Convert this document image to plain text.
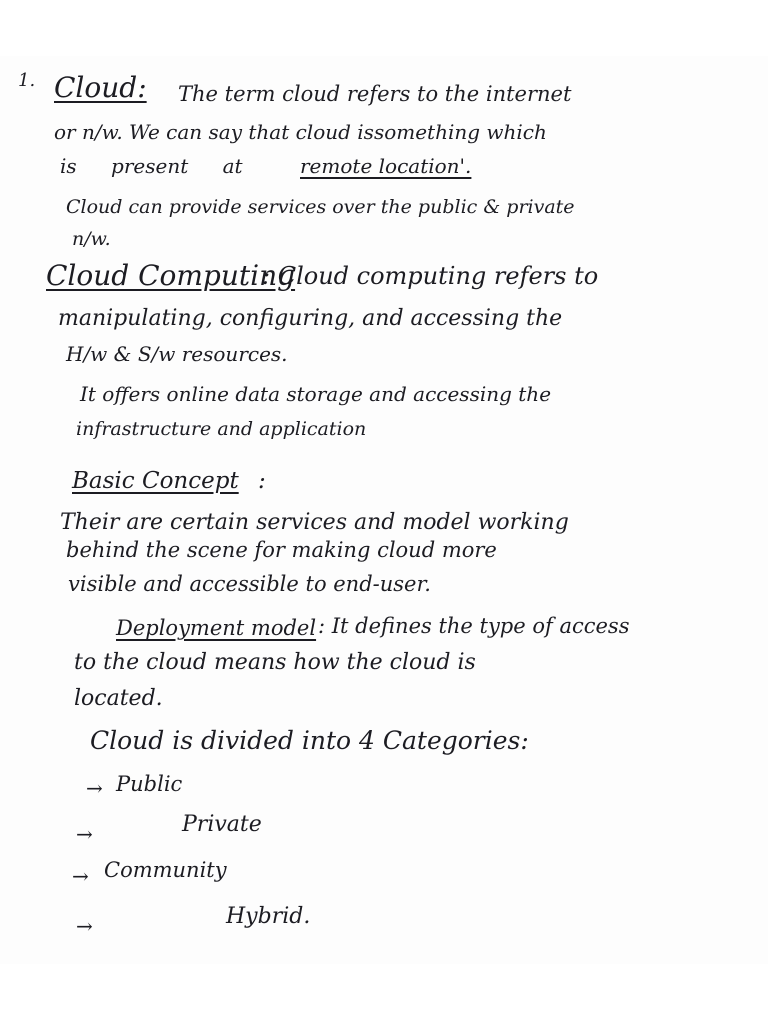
1. Cloud: The term cloud refers to the internet
or n/w. We can say that cloud issomething which
is present at	remote location'.
Cloud can provide services over the public & private
n/w.
Cloud Computing
: Cloud computing refers to
manipulating, configuring, and accessing the
H/w & S/w resources.
It offers online data storage and accessing the
infrastructure and application
Basic Concept :
Their are certain services and model working
behind the scene for making cloud more
visible and accessible to end-user.
Deployment model : It defines the type of access
to the cloud means how the cloud is
located.
Cloud is divided into 4 Categories:
→ Public
→	Private
→ Community
→	Hybrid.
